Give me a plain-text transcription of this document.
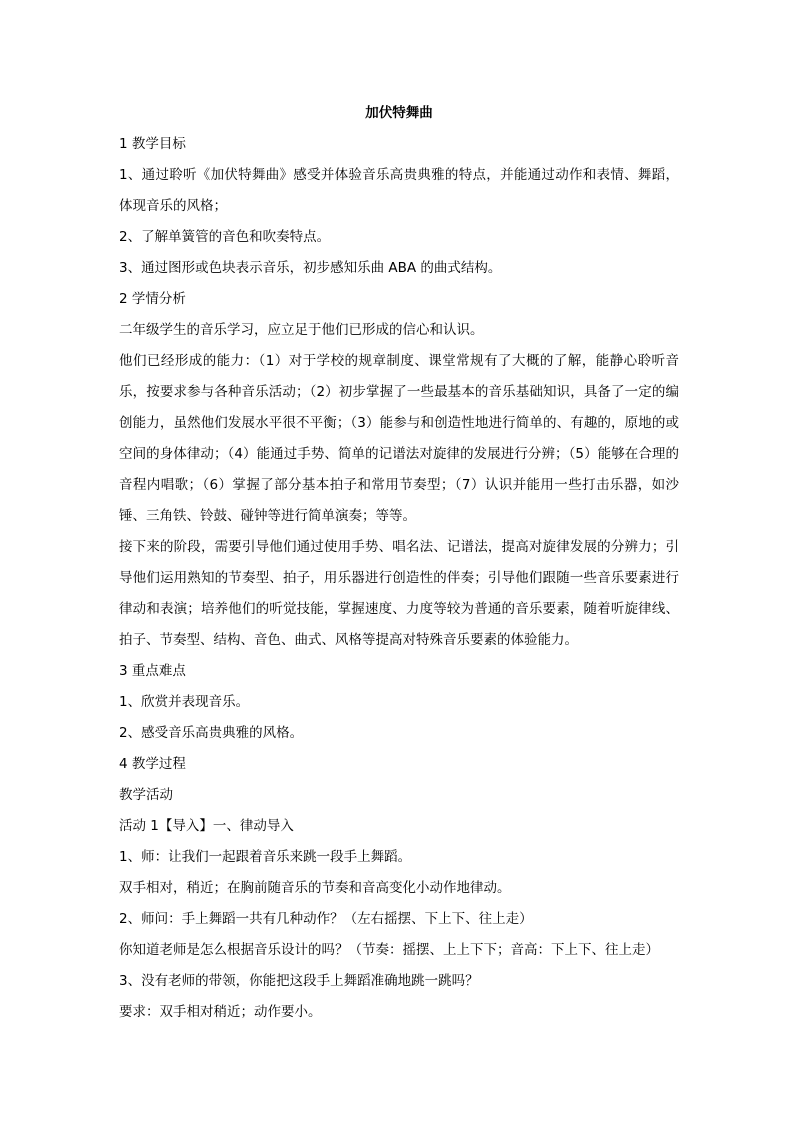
加伏特舞曲

1 教学目标

1、通过聆听《加伏特舞曲》感受并体验音乐高贵典雅的特点，并能通过动作和表情、舞蹈，体现音乐的风格；

2、了解单簧管的音色和吹奏特点。

3、通过图形或色块表示音乐，初步感知乐曲 ABA 的曲式结构。

2 学情分析

二年级学生的音乐学习，应立足于他们已形成的信心和认识。

他们已经形成的能力：（1）对于学校的规章制度、课堂常规有了大概的了解，能静心聆听音乐，按要求参与各种音乐活动；（2）初步掌握了一些最基本的音乐基础知识，具备了一定的编创能力，虽然他们发展水平很不平衡；（3）能参与和创造性地进行简单的、有趣的，原地的或空间的身体律动；（4）能通过手势、简单的记谱法对旋律的发展进行分辨；（5）能够在合理的音程内唱歌；（6）掌握了部分基本拍子和常用节奏型；（7）认识并能用一些打击乐器，如沙锤、三角铁、铃鼓、碰钟等进行简单演奏；等等。

接下来的阶段，需要引导他们通过使用手势、唱名法、记谱法，提高对旋律发展的分辨力；引导他们运用熟知的节奏型、拍子，用乐器进行创造性的伴奏；引导他们跟随一些音乐要素进行律动和表演；培养他们的听觉技能，掌握速度、力度等较为普通的音乐要素，随着听旋律线、拍子、节奏型、结构、音色、曲式、风格等提高对特殊音乐要素的体验能力。

3 重点难点

1、欣赏并表现音乐。

2、感受音乐高贵典雅的风格。

4 教学过程

教学活动

活动 1【导入】一、律动导入

1、师：让我们一起跟着音乐来跳一段手上舞蹈。

双手相对，稍近；在胸前随音乐的节奏和音高变化小动作地律动。

2、师问：手上舞蹈一共有几种动作？（左右摇摆、下上下、往上走）

你知道老师是怎么根据音乐设计的吗？（节奏：摇摆、上上下下；音高：下上下、往上走）

3、没有老师的带领，你能把这段手上舞蹈准确地跳一跳吗？

要求：双手相对稍近；动作要小。
